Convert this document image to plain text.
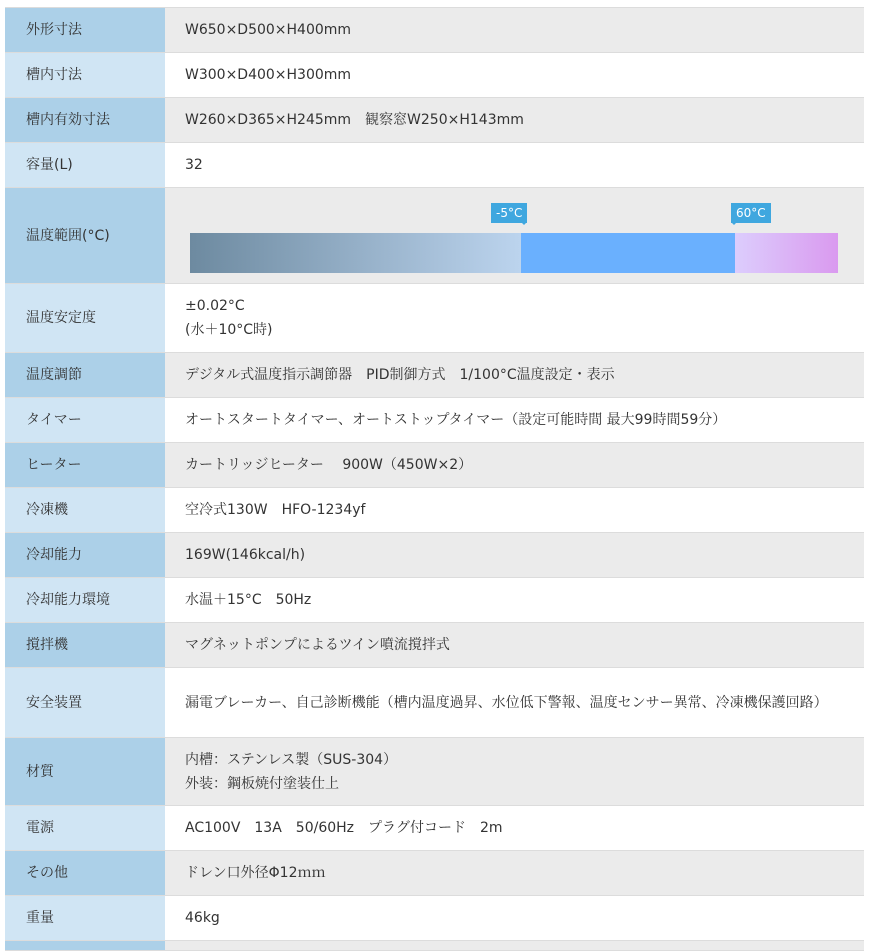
外形寸法	W650×D500×H400mm

槽内寸法	W300×D400×H300mm

槽内有効寸法	W260×D365×H245mm　観察窓W250×H143mm

容量(L)	32

温度範囲(°C)	-5°C 60°C

温度安定度	±0.02°C
(水＋10°C時)

温度調節	デジタル式温度指示調節器　PID制御方式　1/100°C温度設定・表示

タイマー	オートスタートタイマー、オートストップタイマー（設定可能時間 最大99時間59分）

ヒーター	カートリッジヒーター　 900W（450W×2）

冷凍機	空冷式130W　HFO-1234yf

冷却能力	169W(146kcal/h)

冷却能力環境	水温＋15°C　50Hz

撹拌機	マグネットポンプによるツイン噴流撹拌式

安全装置	漏電ブレーカー、自己診断機能（槽内温度過昇、水位低下警報、温度センサー異常、冷凍機保護回路）

材質	内槽：ステンレス製（SUS-304）
外装：鋼板焼付塗装仕上

電源	AC100V　13A　50/60Hz　プラグ付コード　2m

その他	ドレン口外径Φ12ｍｍ

重量	46kg
